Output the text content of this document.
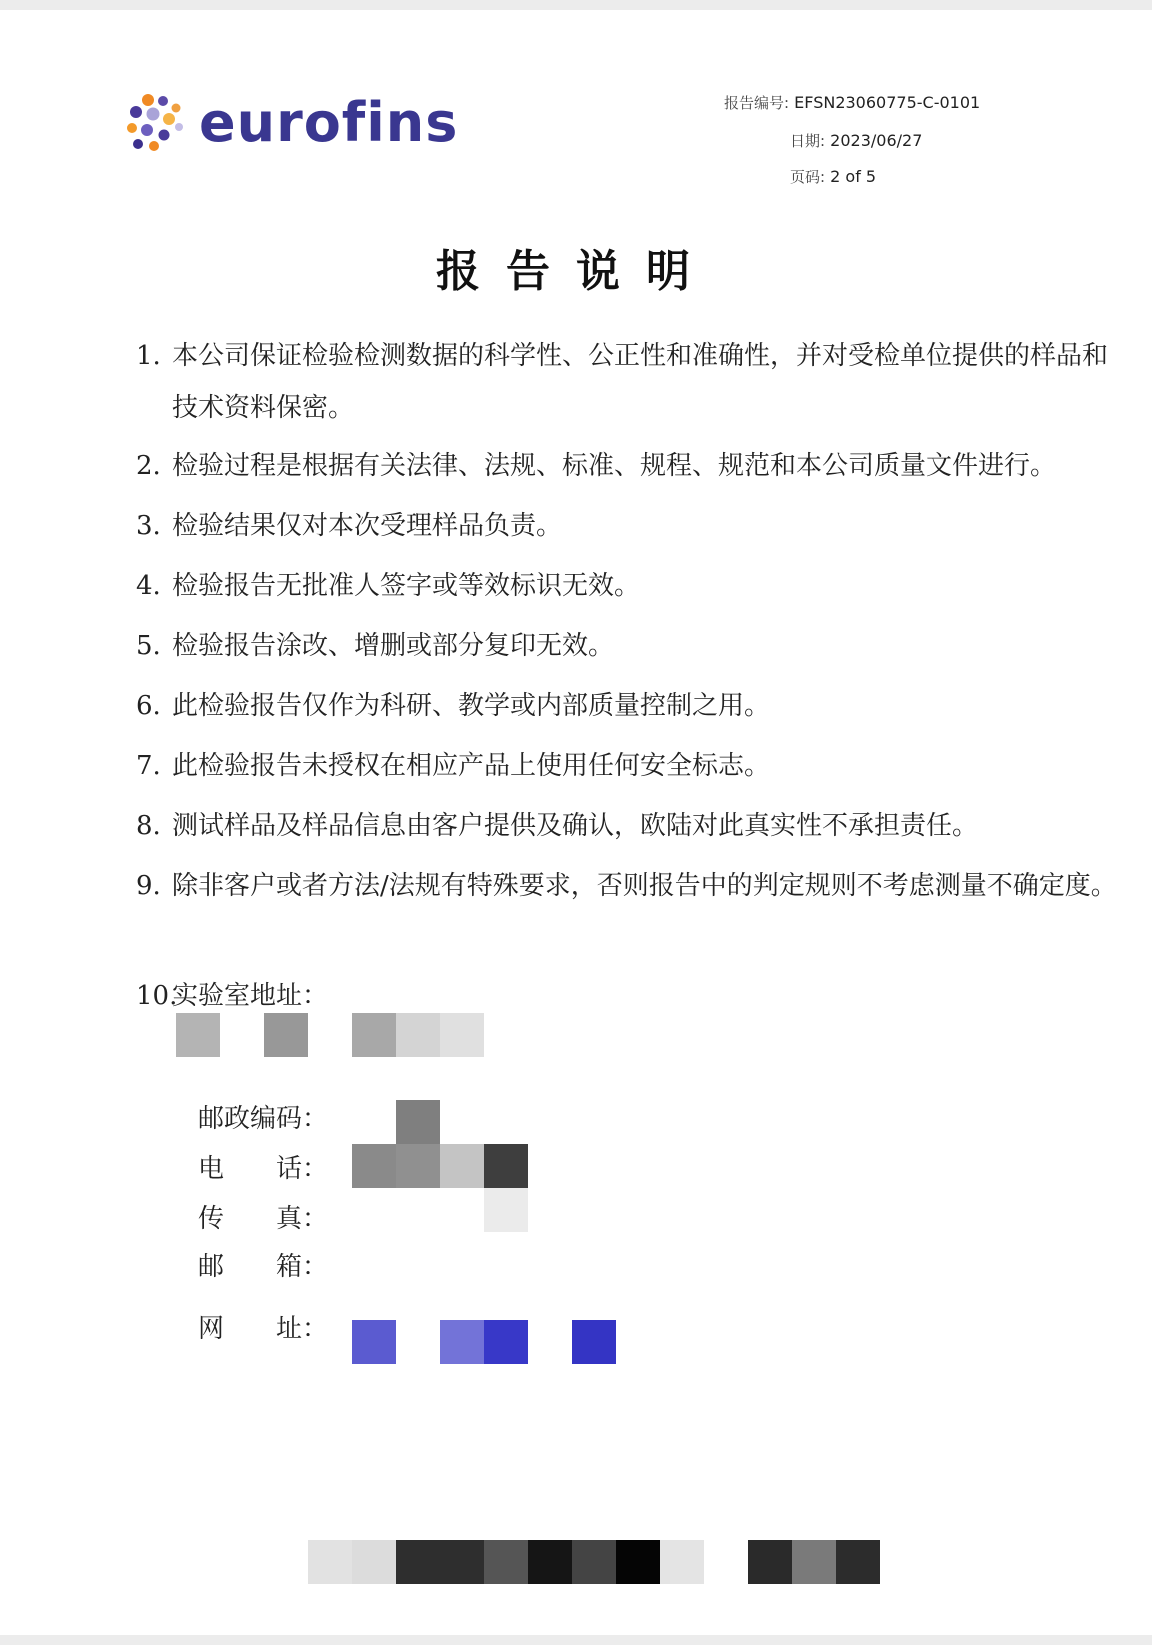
eurofins	报告编号: EFSN23060775-C-0101
日期: 2023/06/27
页码: 2 of 5
报告说明
1. 本公司保证检验检测数据的科学性、公正性和准确性，并对受检单位提供的样品和技术资料保密。
2. 检验过程是根据有关法律、法规、标准、规程、规范和本公司质量文件进行。
3. 检验结果仅对本次受理样品负责。
4. 检验报告无批准人签字或等效标识无效。
5. 检验报告涂改、增删或部分复印无效。
6. 此检验报告仅作为科研、教学或内部质量控制之用。
7. 此检验报告未授权在相应产品上使用任何安全标志。
8. 测试样品及样品信息由客户提供及确认，欧陆对此真实性不承担责任。
9. 除非客户或者方法/法规有特殊要求，否则报告中的判定规则不考虑测量不确定度。
10.
实验室地址：
邮政编码：
电　　话：
传　　真：
邮　　箱：
网　　址：
